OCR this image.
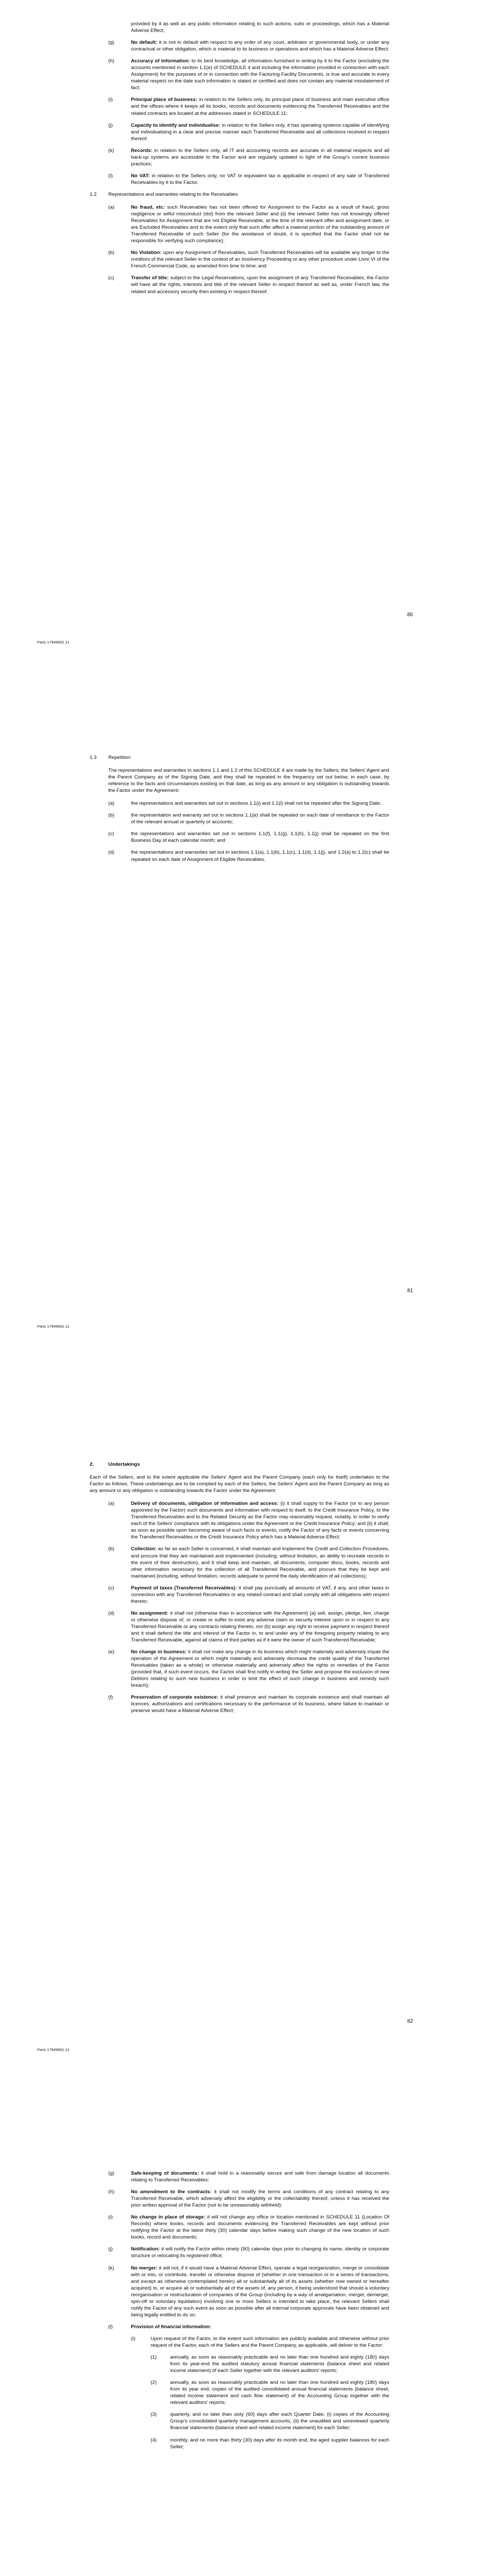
provided by it as well as any public information relating to such actions, suits or proceedings, which has a Material Adverse Effect;
(g)	No default: it is not in default with respect to any order of any court, arbitrator or governmental body, or under any contractual or other obligation, which is material to its business or operations and which has a Material Adverse Effect;
(h)	Accuracy of information: to its best knowledge, all information furnished in writing by it to the Factor (excluding the accounts mentioned in section 1.1(e) of SCHEDULE 4 and including the information provided in connection with each Assignment) for the purposes of or in connection with the Factoring Facility Documents, is true and accurate in every material respect on the date such information is stated or certified and does not contain any material misstatement of fact;
(i)	Principal place of business: in relation to the Sellers only, its principal place of business and main executive office and the offices where it keeps all its books, records and documents evidencing the Transferred Receivables and the related contracts are located at the addresses stated in SCHEDULE 11;
(j)	Capacity to identify and individualise: in relation to the Sellers only, it has operating systems capable of identifying and individualising in a clear and precise manner each Transferred Receivable and all collections received in respect thereof;
(k)	Records: in relation to the Sellers only, all IT and accounting records are accurate in all material respects and all back-up systems are accessible to the Factor and are regularly updated in light of the Group's current business practices;
(l)	No VAT: in relation to the Sellers only, no VAT or equivalent tax is applicable in respect of any sale of Transferred Receivables by it to the Factor.
1.2	Representations and warranties relating to the Receivables
(a)	No fraud, etc: such Receivables has not been offered for Assignment to the Factor as a result of fraud, gross negligence or wilful misconduct (dol) from the relevant Seller and (ii) the relevant Seller has not knowingly offered Receivables for Assignment that are not Eligible Receivable, at the time of the relevant offer and assignment date, or are Excluded Receivables and to the extent only that such offer affect a material portion of the outstanding amount of Transferred Receivable of such Seller (for the avoidance of doubt, it is specified that the Factor shall not be responsible for verifying such compliance);
(b)	No Violation: upon any Assignment of Receivables, such Transferred Receivables will be available any longer to the creditors of the relevant Seller in the context of an Insolvency Proceeding or any other procedure under Livre VI of the French Commercial Code, as amended from time to time; and
(c)	Transfer of title: subject to the Legal Reservations, upon the assignment of any Transferred Receivables, the Factor will have all the rights, interests and title of the relevant Seller in respect thereof as well as, under French law, the related and accessory security then existing in respect thereof.
80
Paris 17949861.11
1.3	Repetition
The representations and warranties in sections 1.1 and 1.2 of this SCHEDULE 4 are made by the Sellers, the Sellers' Agent and the Parent Company as of the Signing Date, and they shall be repeated in the frequency set out below, in each case, by reference to the facts and circumstances existing on that date, as long as any amount or any obligation is outstanding towards the Factor under the Agreement:
(a)	the representations and warranties set out in sections 1.1(i) and 1.1(l) shall not be repeated after the Signing Date;
(b)	the representation and warranty set out in sections 1.1(e) shall be repeated on each date of remittance to the Factor of the relevant annual or quarterly or accounts;
(c)	the representations and warranties set out in sections 1.1(f), 1.1(g), 1.1(h), 1.1(j) shall be repeated on the first Business Day of each calendar month; and
(d)	the representations and warranties set out in sections 1.1(a), 1.1(b), 1.1(c), 1.1(d), 1.1(j), and 1.2(a) to 1.2(c) shall be repeated on each date of Assignment of Eligible Receivables.
81
Paris 17949861.11
2.	Undertakings
Each of the Sellers, and to the extent applicable the Sellers' Agent and the Parent Company (each only for itself) undertakes to the Factor as follows. These undertakings are to be complied by each of the Sellers, the Sellers' Agent and the Parent Company as long as any amount or any obligation is outstanding towards the Factor under the Agreement:
(a)	Delivery of documents, obligation of information and access: (i) it shall supply to the Factor (or to any person appointed by the Factor) such documents and information with respect to itself, to the Credit Insurance Policy, to the Transferred Receivables and to the Related Security as the Factor may reasonably request, notably, in order to verify each of the Sellers' compliance with its obligations under the Agreement or the Credit Insurance Policy; and (ii) it shall, as soon as possible upon becoming aware of such facts or events, notify the Factor of any facts or events concerning the Transferred Receivables or the Credit Insurance Policy which has a Material Adverse Effect;
(b)	Collection: as far as each Seller is concerned, it shall maintain and implement the Credit and Collection Procedures, and procure that they are maintained and implemented (including, without limitation, an ability to recreate records in the event of their destruction), and it shall keep and maintain, all documents, computer discs, books, records and other information necessary for the collection of all Transferred Receivable, and procure that they be kept and maintained (including, without limitation, records adequate to permit the daily identification of all collections);
(c)	Payment of taxes (Transferred Receivables): it shall pay punctually all amounts of VAT, if any, and other taxes in connection with any Transferred Receivables or any related contract and shall comply with all obligations with respect thereto;
(d)	No assignment: it shall not (otherwise than in accordance with the Agreement) (a) sell, assign, pledge, lien, charge or otherwise dispose of, or create or suffer to exist any adverse claim or security interest upon or in respect to any Transferred Receivable or any contracts relating thereto, nor (b) assign any right to receive payment in respect thereof and it shall defend the title and interest of the Factor in, to and under any of the foregoing property relating to any Transferred Receivable, against all claims of third parties as if it were the owner of such Transferred Receivable;
(e)	No change in business: it shall not make any change in its business which might materially and adversely impair the operation of the Agreement or which might materially and adversely decrease the credit quality of the Transferred Receivables (taken as a whole) or otherwise materially and adversely affect the rights or remedies of the Factor (provided that, if such event occurs, the Factor shall first notify in writing the Seller and propose the exclusion of new Debtors relating to such new business in order to limit the effect of such change in business and remedy such breach);
(f)	Preservation of corporate existence: it shall preserve and maintain its corporate existence and shall maintain all licences, authorizations and certifications necessary to the performance of its business, where failure to maintain or preserve would have a Material Adverse Effect;
82
Paris 17949861.11
(g)	Safe-keeping of documents: it shall hold in a reasonably secure and safe from damage location all documents relating to Transferred Receivables;
(h)	No amendment to the contracts: it shall not modify the terms and conditions of any contract relating to any Transferred Receivable, which adversely affect the eligibility or the collectability thereof, unless it has received the prior written approval of the Factor (not to be unreasonably withheld);
(i)	No change in place of storage: it will not change any office or location mentioned in SCHEDULE 11 (Location Of Records) where books, records and documents evidencing the Transferred Receivables are kept without prior notifying the Factor at the latest thirty (30) calendar days before making such change of the new location of such books, record and documents;
(j)	Notification: it will notify the Factor within ninety (90) calendar days prior to changing its name, identity or corporate structure or relocating its registered office;
(k)	No merger: it will not, if it would have a Material Adverse Effect, operate a legal reorganization, merge or consolidate with or into, or contribute, transfer or otherwise dispose of (whether in one transaction or in a series of transactions, and except as otherwise contemplated herein) all or substantially all of its assets (whether now owned or hereafter acquired) to, or acquire all or substantially all of the assets of, any person, it being understood that should a voluntary reorganisation or restructuration of companies of the Group (including by a way of amalgamation, merger, demerger, spin-off or voluntary liquidation) involving one or more Sellers is intended to take place, the relevant Sellers shall notify the Factor of any such event as soon as possible after all internal corporate approvals have been obtained and being legally entitled to do so;
(l)	Provision of financial information:
(i)	Upon request of the Factor, to the extent such information are publicly available and otherwise without prior request of the Factor, each of the Sellers and the Parent Company, as applicable, will deliver to the Factor:
(1)	annually, as soon as reasonably practicable and no later than one hundred and eighty (180) days from its year-end the audited statutory annual financial statements (balance sheet and related income statement) of each Seller together with the relevant auditors' reports;
(2)	annually, as soon as reasonably practicable and no later than one hundred and eighty (180) days from its year end, copies of the audited consolidated annual financial statements (balance sheet, related income statement and cash flow statement) of the Accounting Group together with the relevant auditors' reports;
(3)	quarterly, and no later than sixty (60) days after each Quarter Date, (i) copies of the Accounting Group's consolidated quarterly management accounts, (ii) the unaudited and unreviewed quarterly financial statements (balance sheet and related income statement) for each Seller;
(4)	monthly, and no more than thirty (30) days after its month end, the aged supplier balances for each Seller;
